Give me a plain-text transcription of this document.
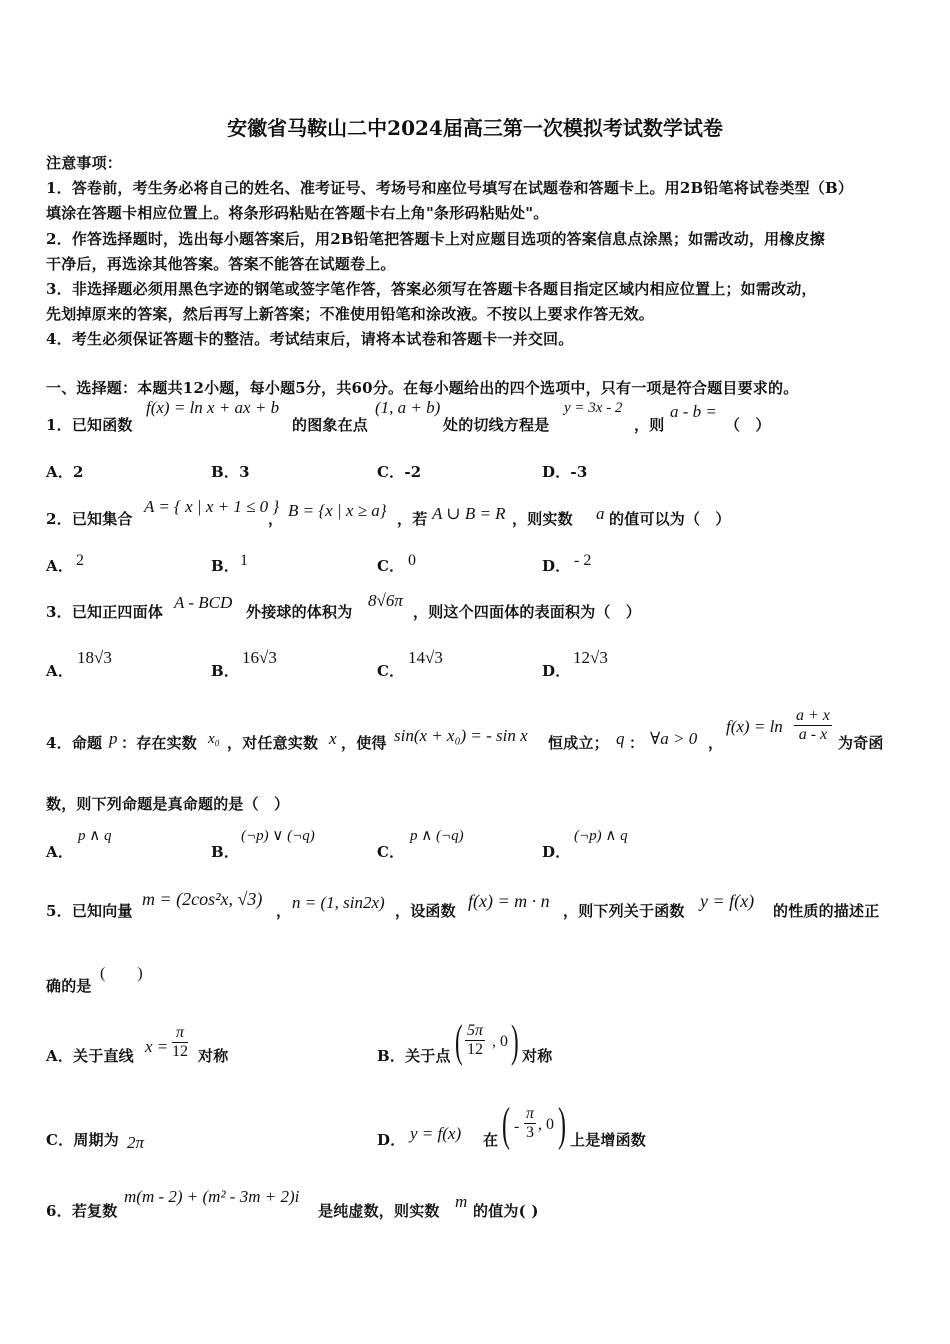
安徽省马鞍山二中2024届高三第一次模拟考试数学试卷
注意事项：
1．答卷前，考生务必将自己的姓名、准考证号、考场号和座位号填写在试题卷和答题卡上。用2B铅笔将试卷类型（B）
填涂在答题卡相应位置上。将条形码粘贴在答题卡右上角"条形码粘贴处"。
2．作答选择题时，选出每小题答案后，用2B铅笔把答题卡上对应题目选项的答案信息点涂黑；如需改动，用橡皮擦
干净后，再选涂其他答案。答案不能答在试题卷上。
3．非选择题必须用黑色字迹的钢笔或签字笔作答，答案必须写在答题卡各题目指定区域内相应位置上；如需改动，
先划掉原来的答案，然后再写上新答案；不准使用铅笔和涂改液。不按以上要求作答无效。
4．考生必须保证答题卡的整洁。考试结束后，请将本试卷和答题卡一并交回。
一、选择题：本题共12小题，每小题5分，共60分。在每小题给出的四个选项中，只有一项是符合题目要求的。
1．已知函数
f(x) = ln x + ax + b
的图象在点
(1, a + b)
处的切线方程是
y = 3x - 2
，则
a - b =
（　）
A．2	B．3	C．-2	D．-3
2．已知集合
A = { x | x + 1 ≤ 0 }
， B = {x | x ≥ a} ，若 A ∪ B = R ，则实数 a 的值可以为（　）
A． 2	B． 1	C． 0	D． - 2
3．已知正四面体 A - BCD 外接球的体积为
8√6π
，则这个四面体的表面积为（　）
A．
18√3
B．
16√3
C．
14√3
D．
12√3
4．命题 p ：存在实数 x₀ ，对任意实数 x ，使得 sin(x + x₀) = - sin x 恒成立； q ： ∀a > 0 ，
$f(x) = \ln \frac{a + x}{a - x}$ 为奇函
数，则下列命题是真命题的是（　）
A．
p ∧ q
B．
(¬p) ∨ (¬q)
C．
p ∧ (¬q)
D．
(¬p) ∧ q
5．已知向量
m = (2cos²x, √3)
， n = (1, sin2x) ，设函数 f(x) = m · n ，则下列关于函数 y = f(x) 的性质的描述正
确的是
(　　)
A．关于直线 $x = \frac{\pi}{12}$ 对称	B．关于点 ( $\frac{5\pi}{12}$ , 0 ) 对称
C．周期为 2π	D． y = f(x) 在 ( - $\frac{\pi}{3}$ , 0 ) 上是增函数
6．若复数
m(m - 2) + (m² - 3m + 2)i
是纯虚数，则实数 m 的值为( )
